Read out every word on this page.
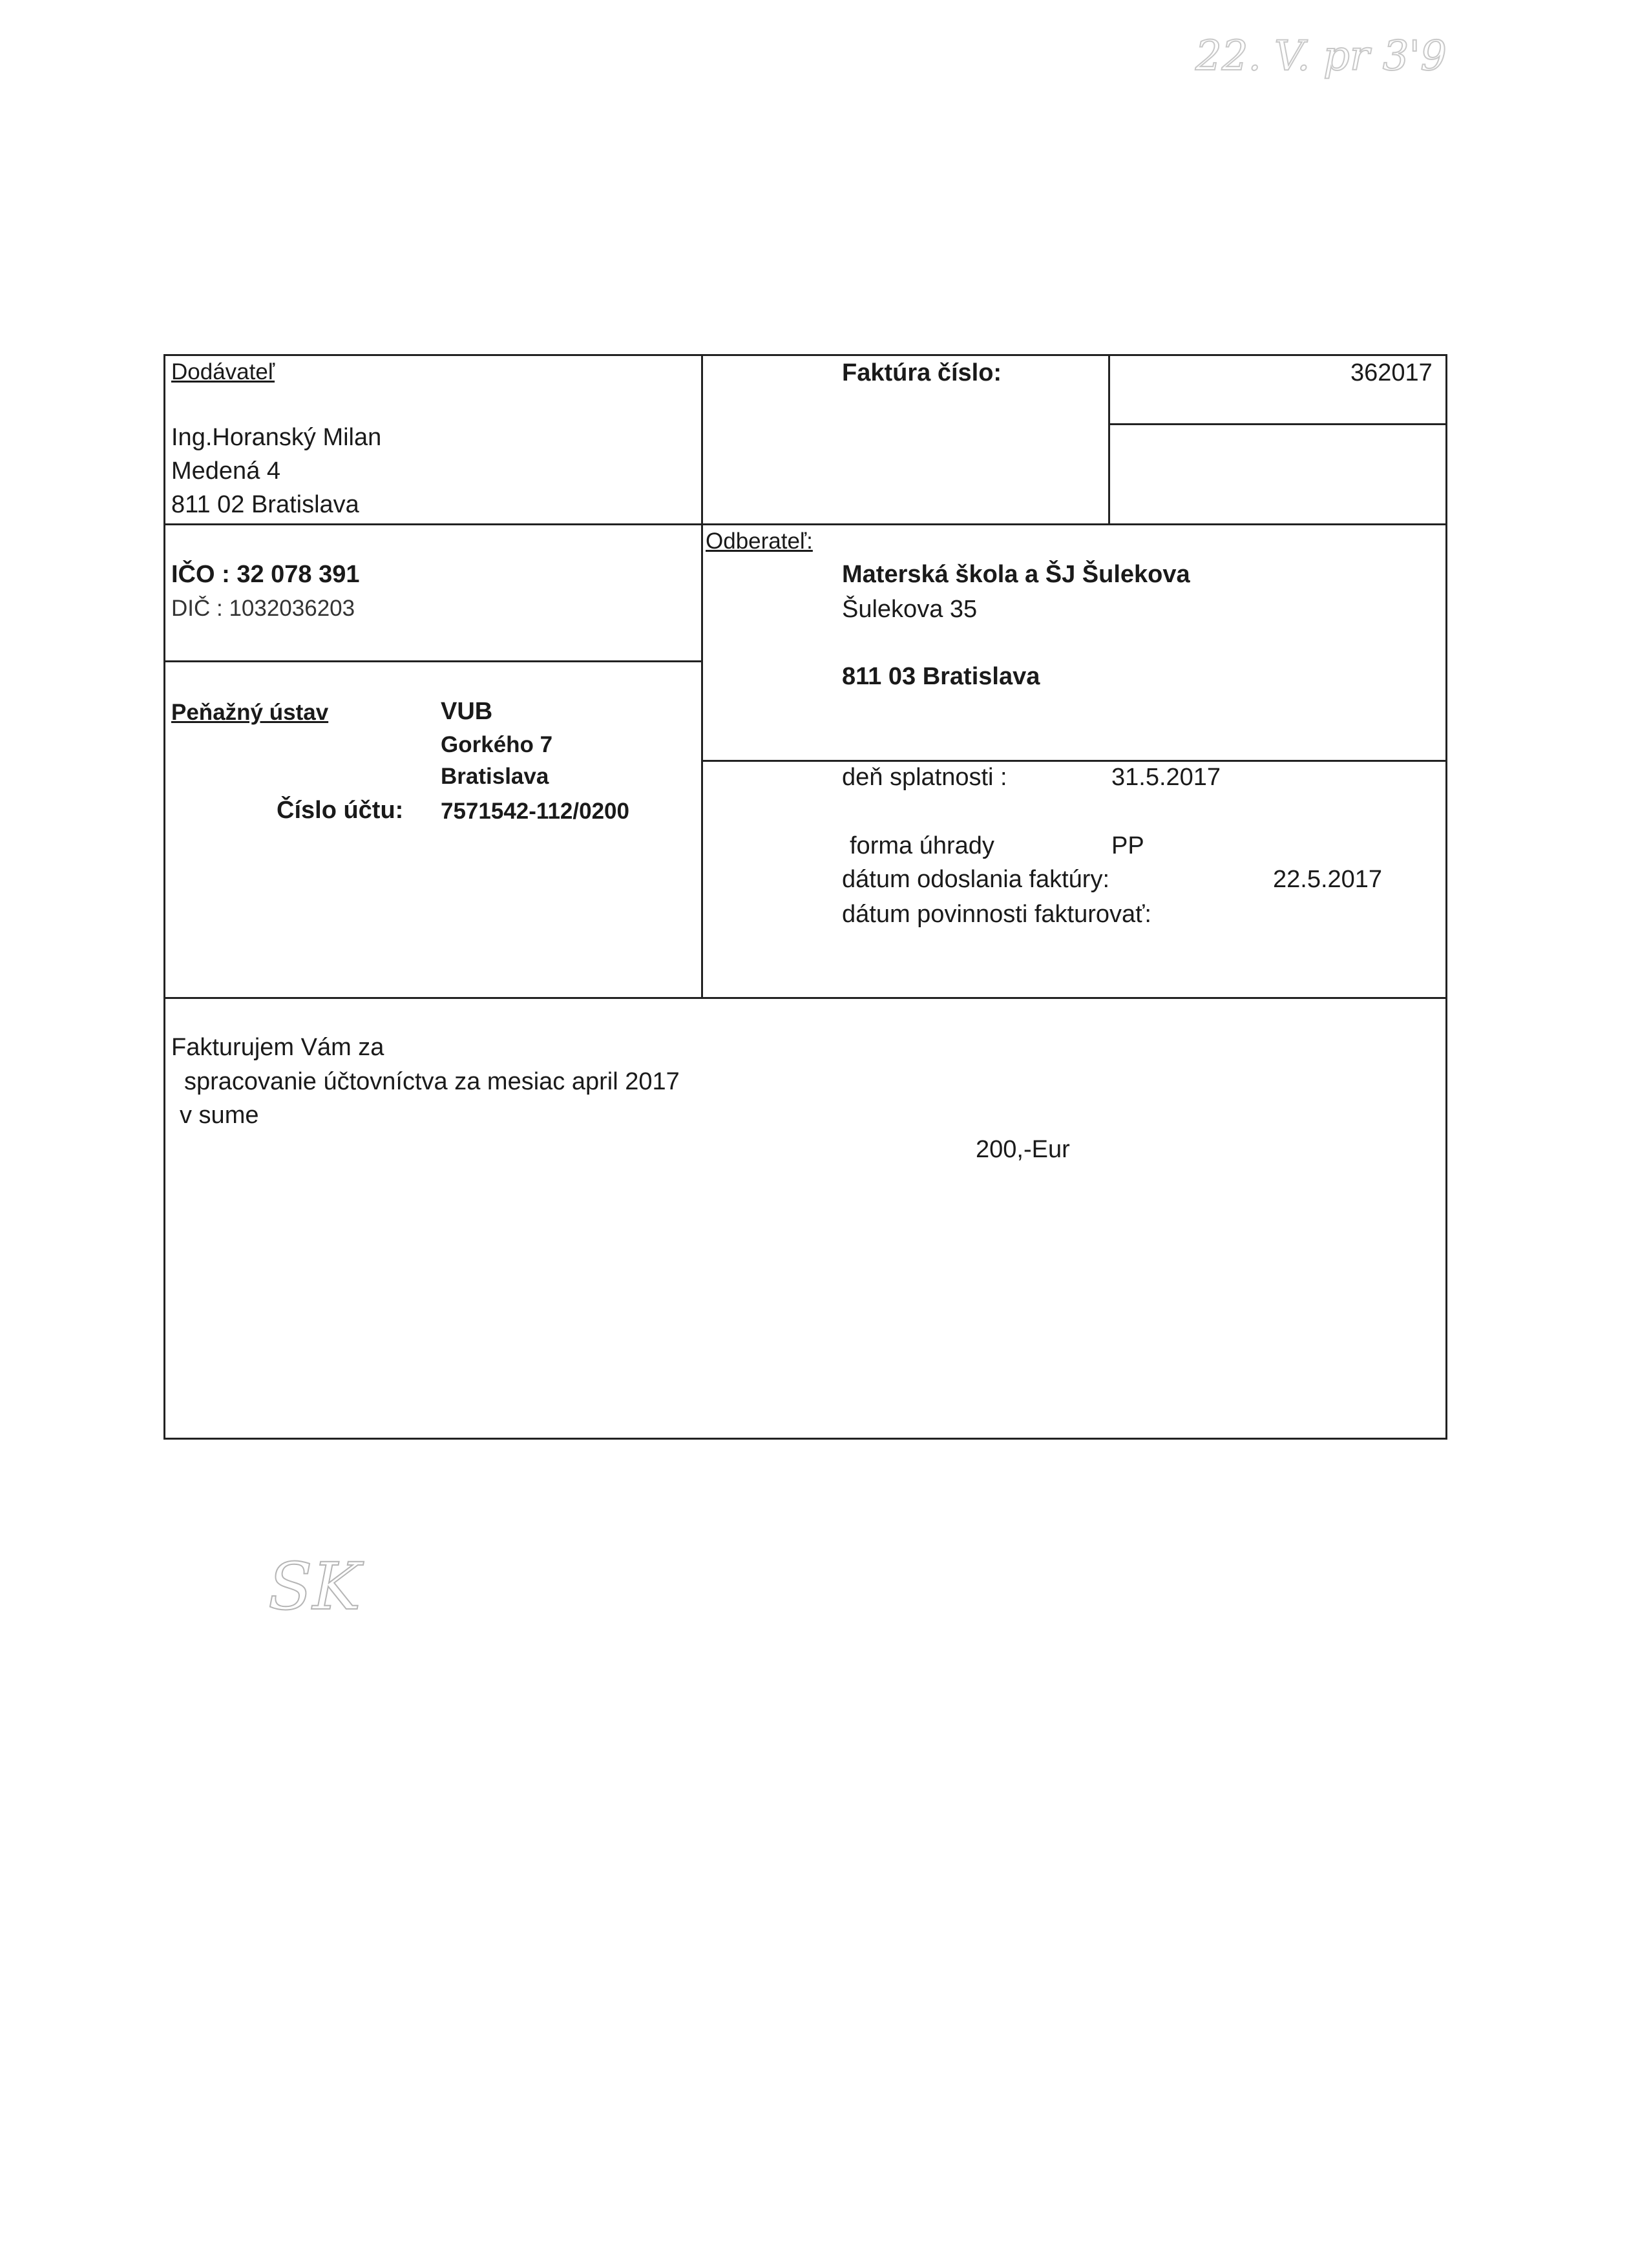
22. V. pr 3'9
SK
Dodávateľ
Ing.Horanský Milan
Medená 4
811 02 Bratislava
IČO : 32 078 391
DIČ : 1032036203
Faktúra číslo:	362017
Peňažný ústav	VUB
Gorkého 7
Bratislava
Číslo účtu: 7571542-112/0200
Odberateľ:
Materská škola a ŠJ Šulekova
Šulekova 35
811 03 Bratislava
deň splatnosti :	31.5.2017
forma úhrady	PP
dátum odoslania faktúry:	22.5.2017
dátum povinnosti fakturovať:
Fakturujem Vám za
spracovanie účtovníctva za mesiac april 2017
v sume
200,-Eur
